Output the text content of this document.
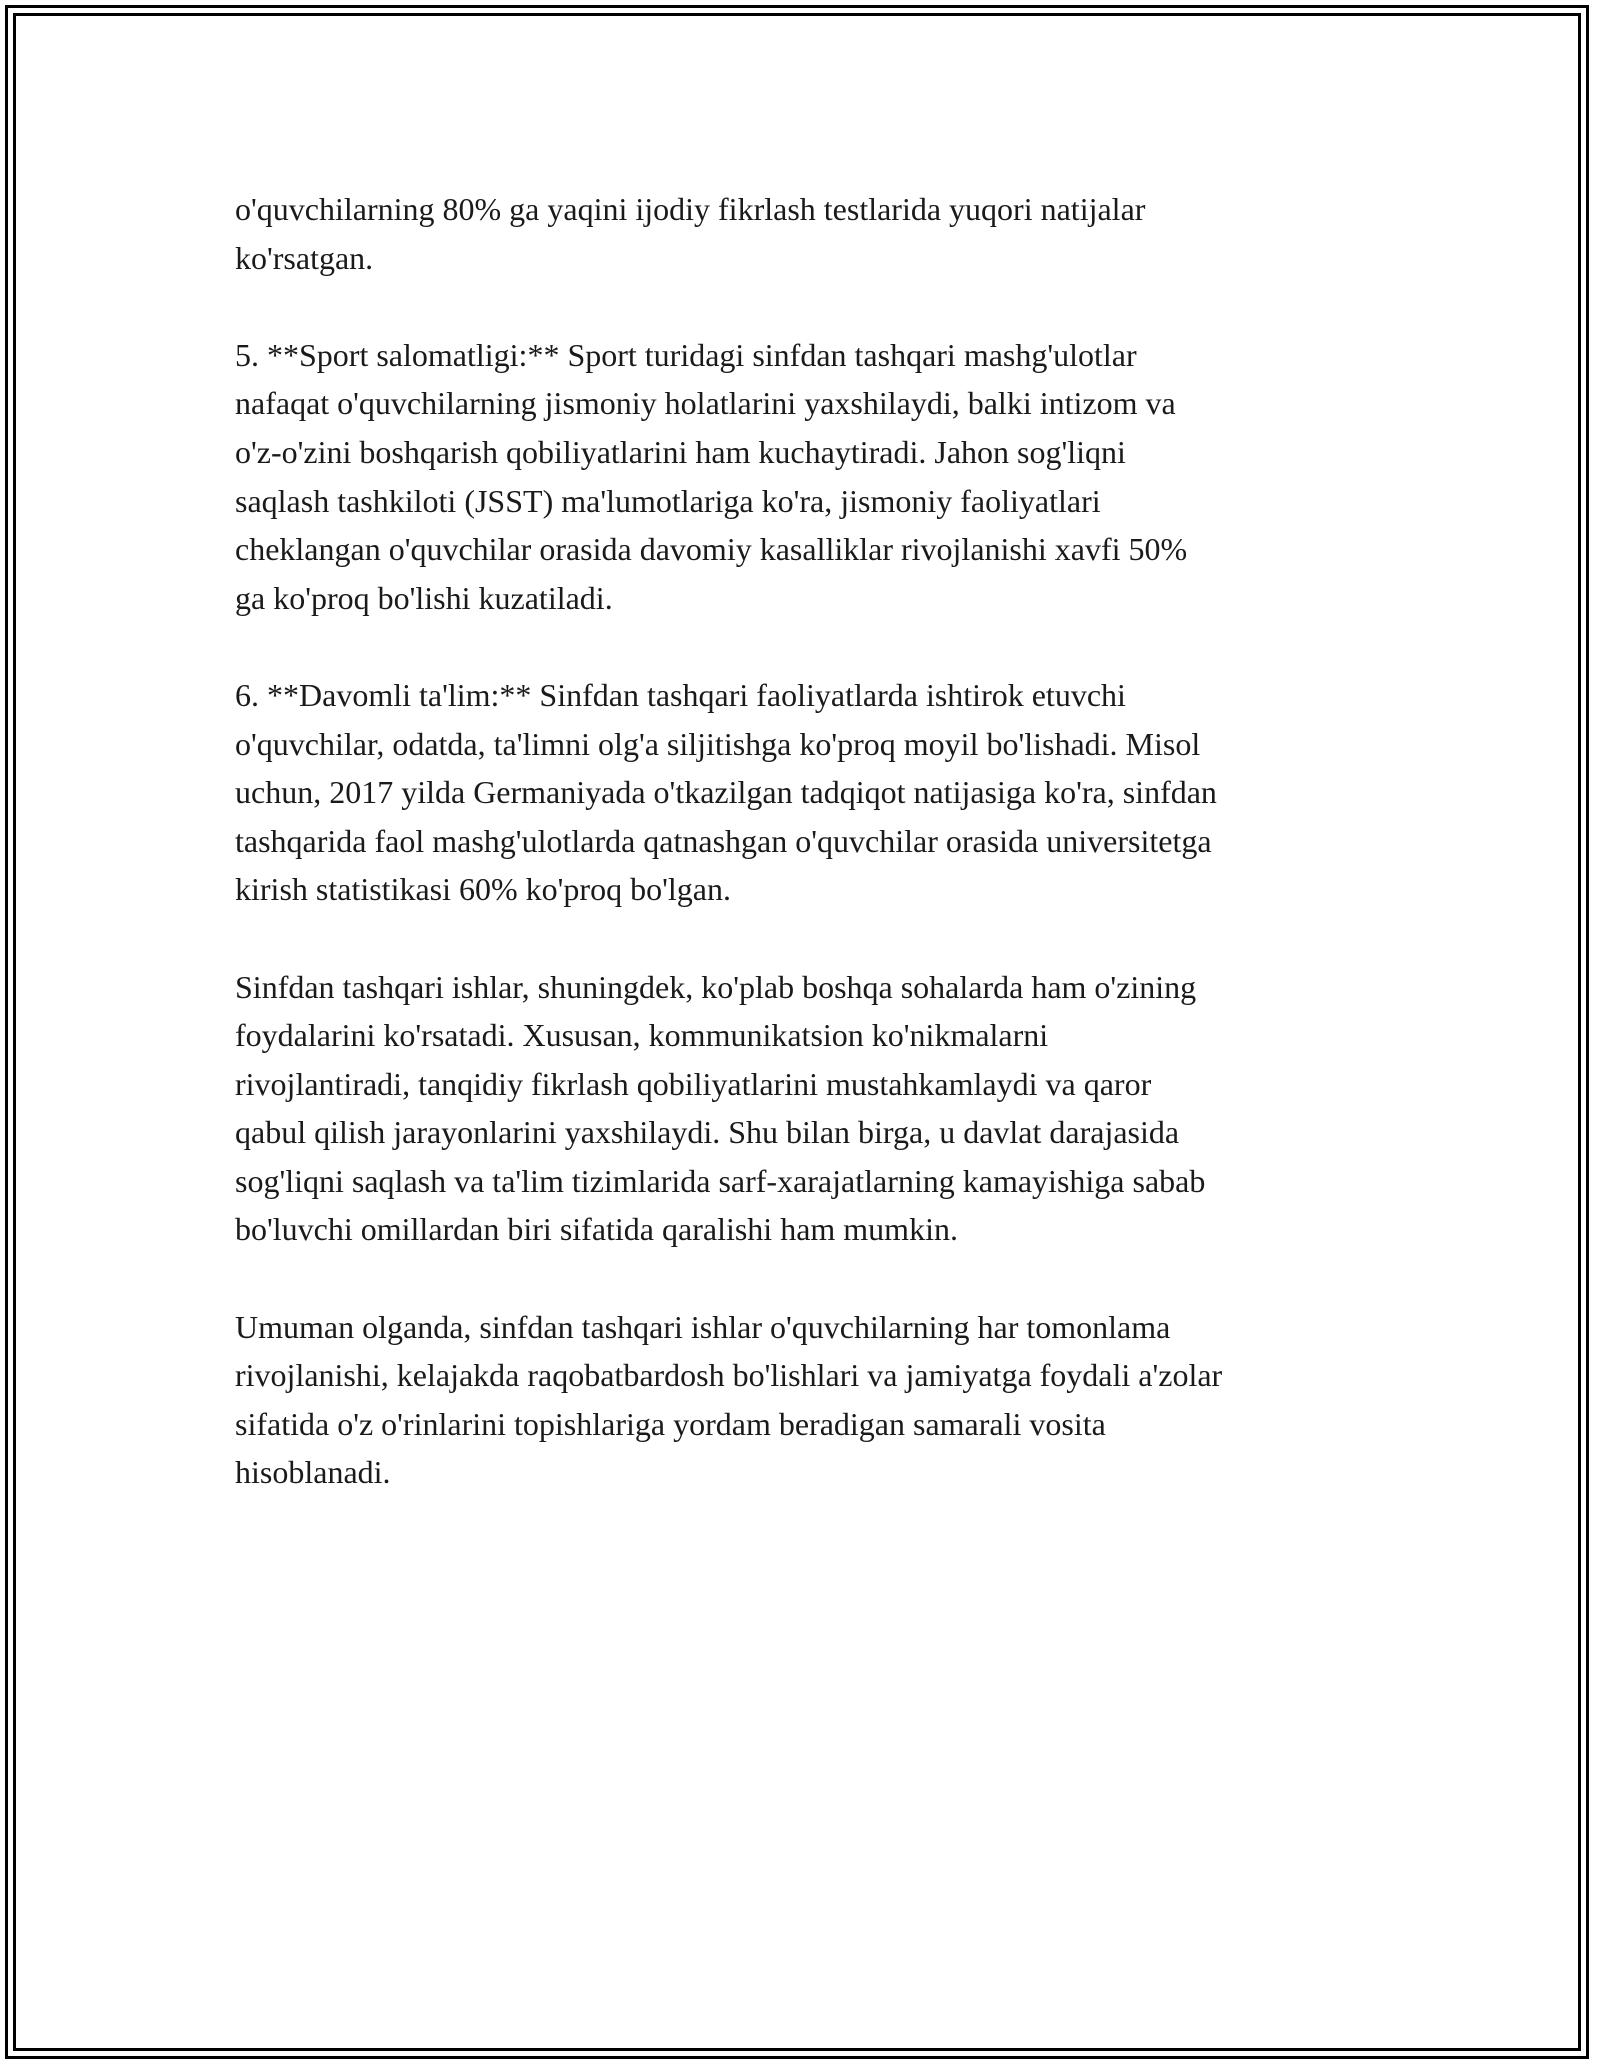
o'quvchilarning 80% ga yaqini ijodiy fikrlash testlarida yuqori natijalar
ko'rsatgan.
5. **Sport salomatligi:** Sport turidagi sinfdan tashqari mashg'ulotlar
nafaqat o'quvchilarning jismoniy holatlarini yaxshilaydi, balki intizom va
o'z-o'zini boshqarish qobiliyatlarini ham kuchaytiradi. Jahon sog'liqni
saqlash tashkiloti (JSST) ma'lumotlariga ko'ra, jismoniy faoliyatlari
cheklangan o'quvchilar orasida davomiy kasalliklar rivojlanishi xavfi 50%
ga ko'proq bo'lishi kuzatiladi.
6. **Davomli ta'lim:** Sinfdan tashqari faoliyatlarda ishtirok etuvchi
o'quvchilar, odatda, ta'limni olg'a siljitishga ko'proq moyil bo'lishadi. Misol
uchun, 2017 yilda Germaniyada o'tkazilgan tadqiqot natijasiga ko'ra, sinfdan
tashqarida faol mashg'ulotlarda qatnashgan o'quvchilar orasida universitetga
kirish statistikasi 60% ko'proq bo'lgan.
Sinfdan tashqari ishlar, shuningdek, ko'plab boshqa sohalarda ham o'zining
foydalarini ko'rsatadi. Xususan, kommunikatsion ko'nikmalarni
rivojlantiradi, tanqidiy fikrlash qobiliyatlarini mustahkamlaydi va qaror
qabul qilish jarayonlarini yaxshilaydi. Shu bilan birga, u davlat darajasida
sog'liqni saqlash va ta'lim tizimlarida sarf-xarajatlarning kamayishiga sabab
bo'luvchi omillardan biri sifatida qaralishi ham mumkin.
Umuman olganda, sinfdan tashqari ishlar o'quvchilarning har tomonlama
rivojlanishi, kelajakda raqobatbardosh bo'lishlari va jamiyatga foydali a'zolar
sifatida o'z o'rinlarini topishlariga yordam beradigan samarali vosita
hisoblanadi.
